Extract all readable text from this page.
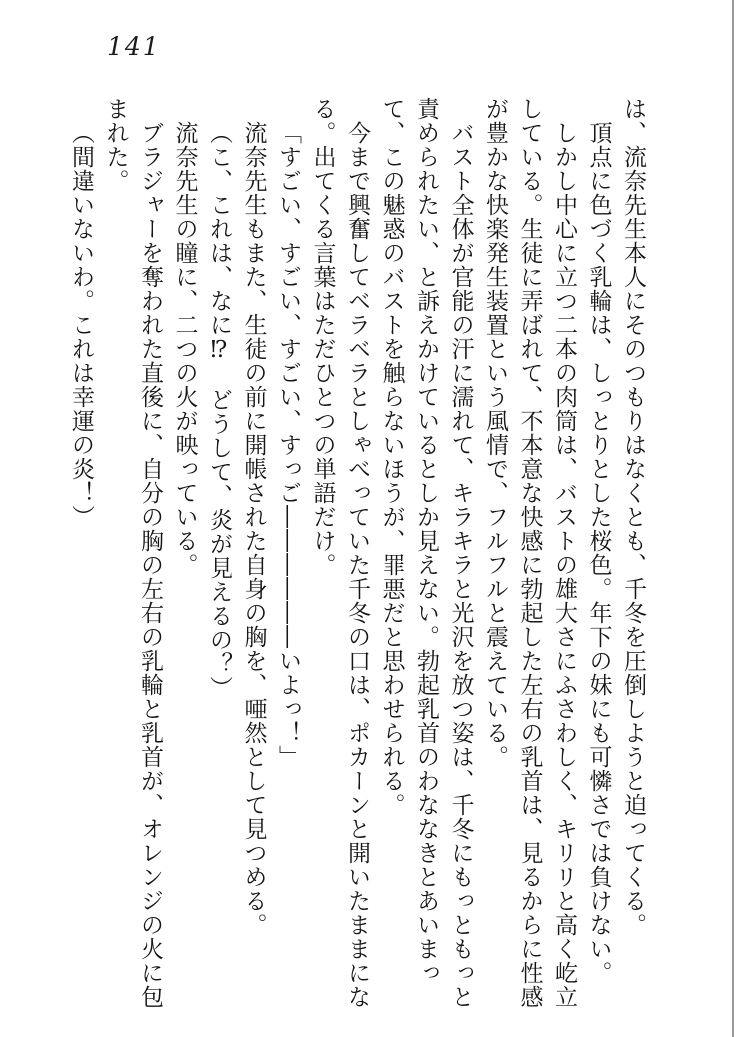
141

は、流奈先生本人にそのつもりはなくとも、千冬を圧倒しようと迫ってくる。

頂点に色づく乳輪は、しっとりとした桜色。年下の妹にも可憐さでは負けない。

しかし中心に立つ二本の肉筒は、バストの雄大さにふさわしく、キリリと高く屹立している。生徒に弄ばれて、不本意な快感に勃起した左右の乳首は、見るからに性感が豊かな快楽発生装置という風情で、フルフルと震えている。

バスト全体が官能の汗に濡れて、キラキラと光沢を放つ姿は、千冬にもっともっと責められたい、と訴えかけているとしか見えない。勃起乳首のわななきとあいまって、この魅惑のバストを触らないほうが、罪悪だと思わせられる。

今まで興奮してベラベラとしゃべっていた千冬の口は、ポカーンと開いたままになる。出てくる言葉はただひとつの単語だけ。

「すごい、すごい、すごい、すっご――――――いよっ！」

流奈先生もまた、生徒の前に開帳された自身の胸を、唖然として見つめる。

（こ、これは、なに⁉　どうして、炎が見えるの？）

流奈先生の瞳に、二つの火が映っている。

ブラジャーを奪われた直後に、自分の胸の左右の乳輪と乳首が、オレンジの火に包まれた。

（間違いないわ。これは幸運の炎！）
